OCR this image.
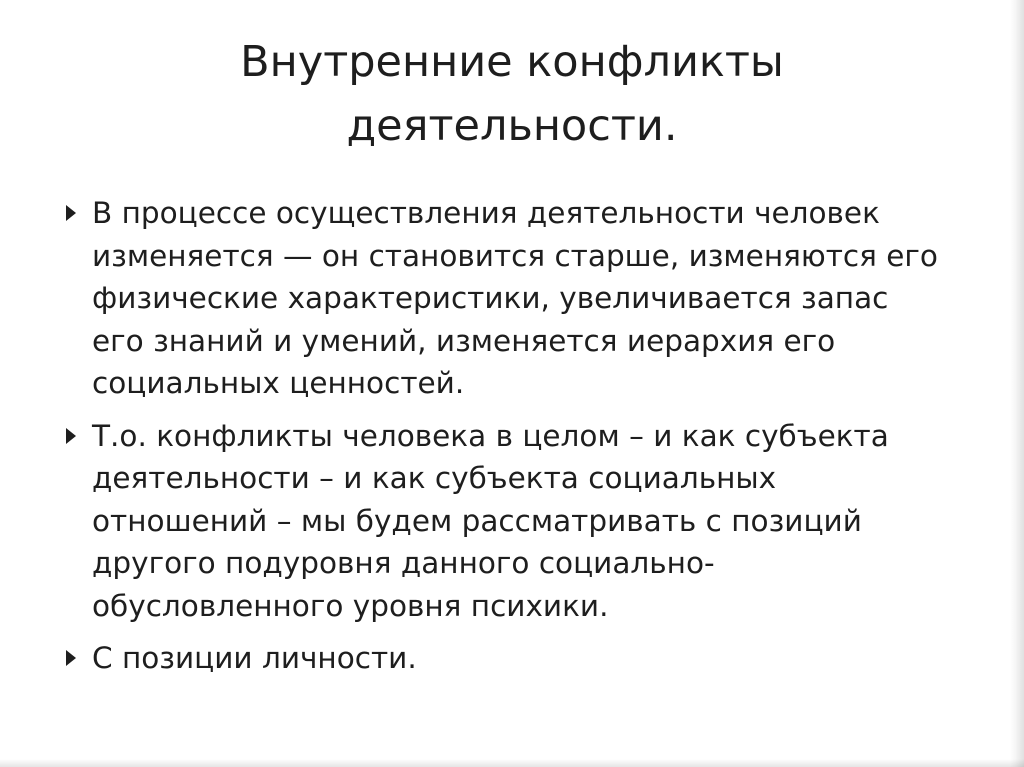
Внутренние конфликты
деятельности.
В процессе осуществления деятельности человек
изменяется — он становится старше, изменяются его
физические характеристики, увеличивается запас
его знаний и умений, изменяется иерархия его
социальных ценностей.
Т.о. конфликты человека в целом – и как субъекта
деятельности – и как субъекта социальных
отношений – мы будем рассматривать с позиций
другого подуровня данного социально-
обусловленного уровня психики.
С позиции личности.
